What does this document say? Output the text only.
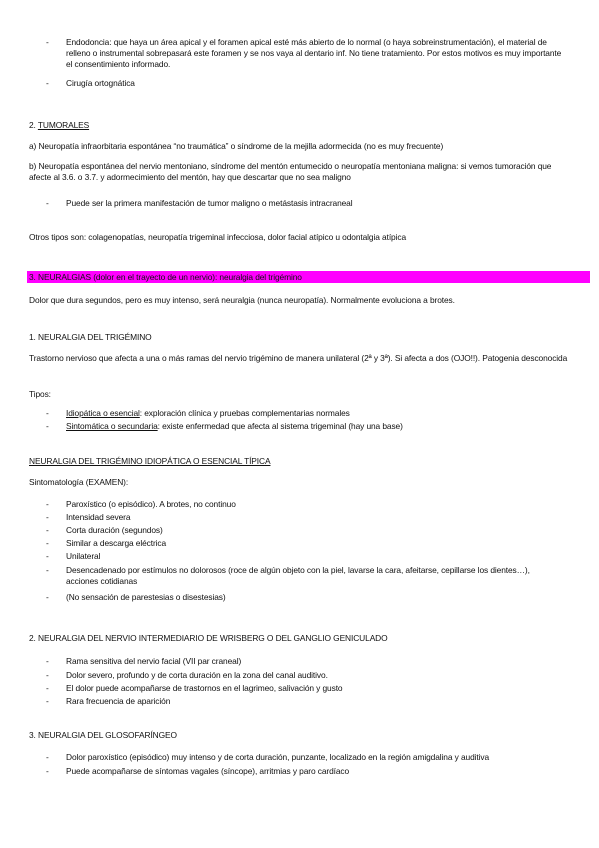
- Endodoncia: que haya un área apical y el foramen apical esté más abierto de lo normal (o haya sobreinstrumentación), el material de relleno o instrumental sobrepasará este foramen y se nos vaya al dentario inf. No tiene tratamiento. Por estos motivos es muy importante el consentimiento informado.
- Cirugía ortognática
2. TUMORALES
a) Neuropatía infraorbitaria espontánea “no traumática” o síndrome de la mejilla adormecida (no es muy frecuente)
b) Neuropatía espontánea del nervio mentoniano, síndrome del mentón entumecido o neuropatía mentoniana maligna: si vemos tumoración que afecte al 3.6. o 3.7. y adormecimiento del mentón, hay que descartar que no sea maligno
- Puede ser la primera manifestación de tumor maligno o metástasis intracraneal
Otros tipos son: colagenopatías, neuropatía trigeminal infecciosa, dolor facial atípico u odontalgia atípica
3. NEURALGIAS (dolor en el trayecto de un nervio): neuralgia del trigémino
Dolor que dura segundos, pero es muy intenso, será neuralgia (nunca neuropatía). Normalmente evoluciona a brotes.
1. NEURALGIA DEL TRIGÉMINO
Trastorno nervioso que afecta a una o más ramas del nervio trigémino de manera unilateral (2ª y 3ª). Si afecta a dos (OJO!!). Patogenia desconocida
Tipos:
- Idiopática o esencial: exploración clínica y pruebas complementarias normales
- Sintomática o secundaria: existe enfermedad que afecta al sistema trigeminal (hay una base)
NEURALGIA DEL TRIGÉMINO IDIOPÁTICA O ESENCIAL TÍPICA
Sintomatología (EXAMEN):
- Paroxístico (o episódico). A brotes, no continuo
- Intensidad severa
- Corta duración (segundos)
- Similar a descarga eléctrica
- Unilateral
- Desencadenado por estímulos no dolorosos (roce de algún objeto con la piel, lavarse la cara, afeitarse, cepillarse los dientes…), acciones cotidianas
- (No sensación de parestesias o disestesias)
2. NEURALGIA DEL NERVIO INTERMEDIARIO DE WRISBERG O DEL GANGLIO GENICULADO
- Rama sensitiva del nervio facial (VII par craneal)
- Dolor severo, profundo y de corta duración en la zona del canal auditivo.
- El dolor puede acompañarse de trastornos en el lagrimeo, salivación y gusto
- Rara frecuencia de aparición
3. NEURALGIA DEL GLOSOFARÍNGEO
- Dolor paroxístico (episódico) muy intenso y de corta duración, punzante, localizado en la región amigdalina y auditiva
- Puede acompañarse de síntomas vagales (síncope), arritmias y paro cardíaco
